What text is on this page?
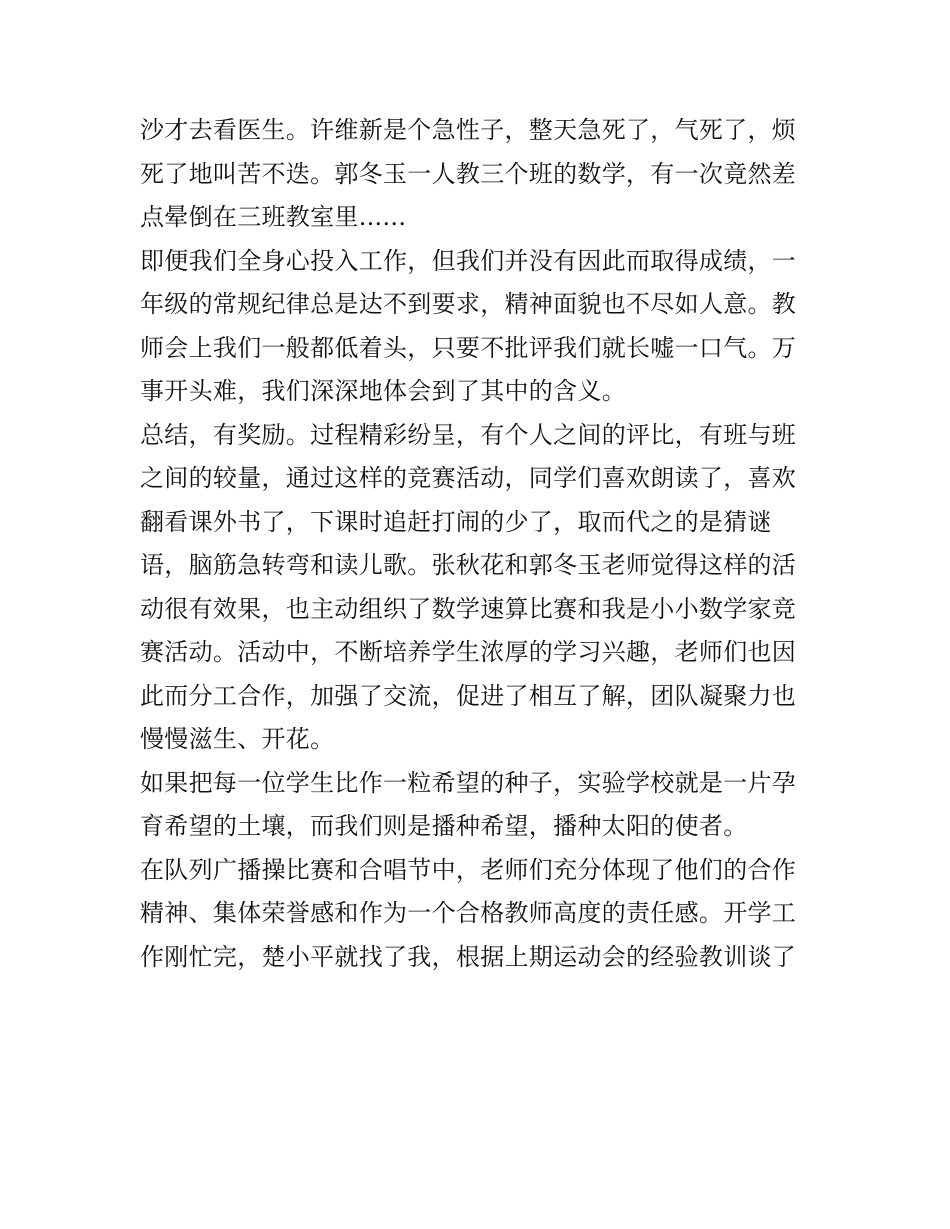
沙才去看医生。许维新是个急性子，整天急死了，气死了，烦
死了地叫苦不迭。郭冬玉一人教三个班的数学，有一次竟然差
点晕倒在三班教室里......
即便我们全身心投入工作，但我们并没有因此而取得成绩，一
年级的常规纪律总是达不到要求，精神面貌也不尽如人意。教
师会上我们一般都低着头，只要不批评我们就长嘘一口气。万
事开头难，我们深深地体会到了其中的含义。
总结，有奖励。过程精彩纷呈，有个人之间的评比，有班与班
之间的较量，通过这样的竞赛活动，同学们喜欢朗读了，喜欢
翻看课外书了，下课时追赶打闹的少了，取而代之的是猜谜
语，脑筋急转弯和读儿歌。张秋花和郭冬玉老师觉得这样的活
动很有效果，也主动组织了数学速算比赛和我是小小数学家竞
赛活动。活动中，不断培养学生浓厚的学习兴趣，老师们也因
此而分工合作，加强了交流，促进了相互了解，团队凝聚力也
慢慢滋生、开花。
如果把每一位学生比作一粒希望的种子，实验学校就是一片孕
育希望的土壤，而我们则是播种希望，播种太阳的使者。
在队列广播操比赛和合唱节中，老师们充分体现了他们的合作
精神、集体荣誉感和作为一个合格教师高度的责任感。开学工
作刚忙完，楚小平就找了我，根据上期运动会的经验教训谈了
